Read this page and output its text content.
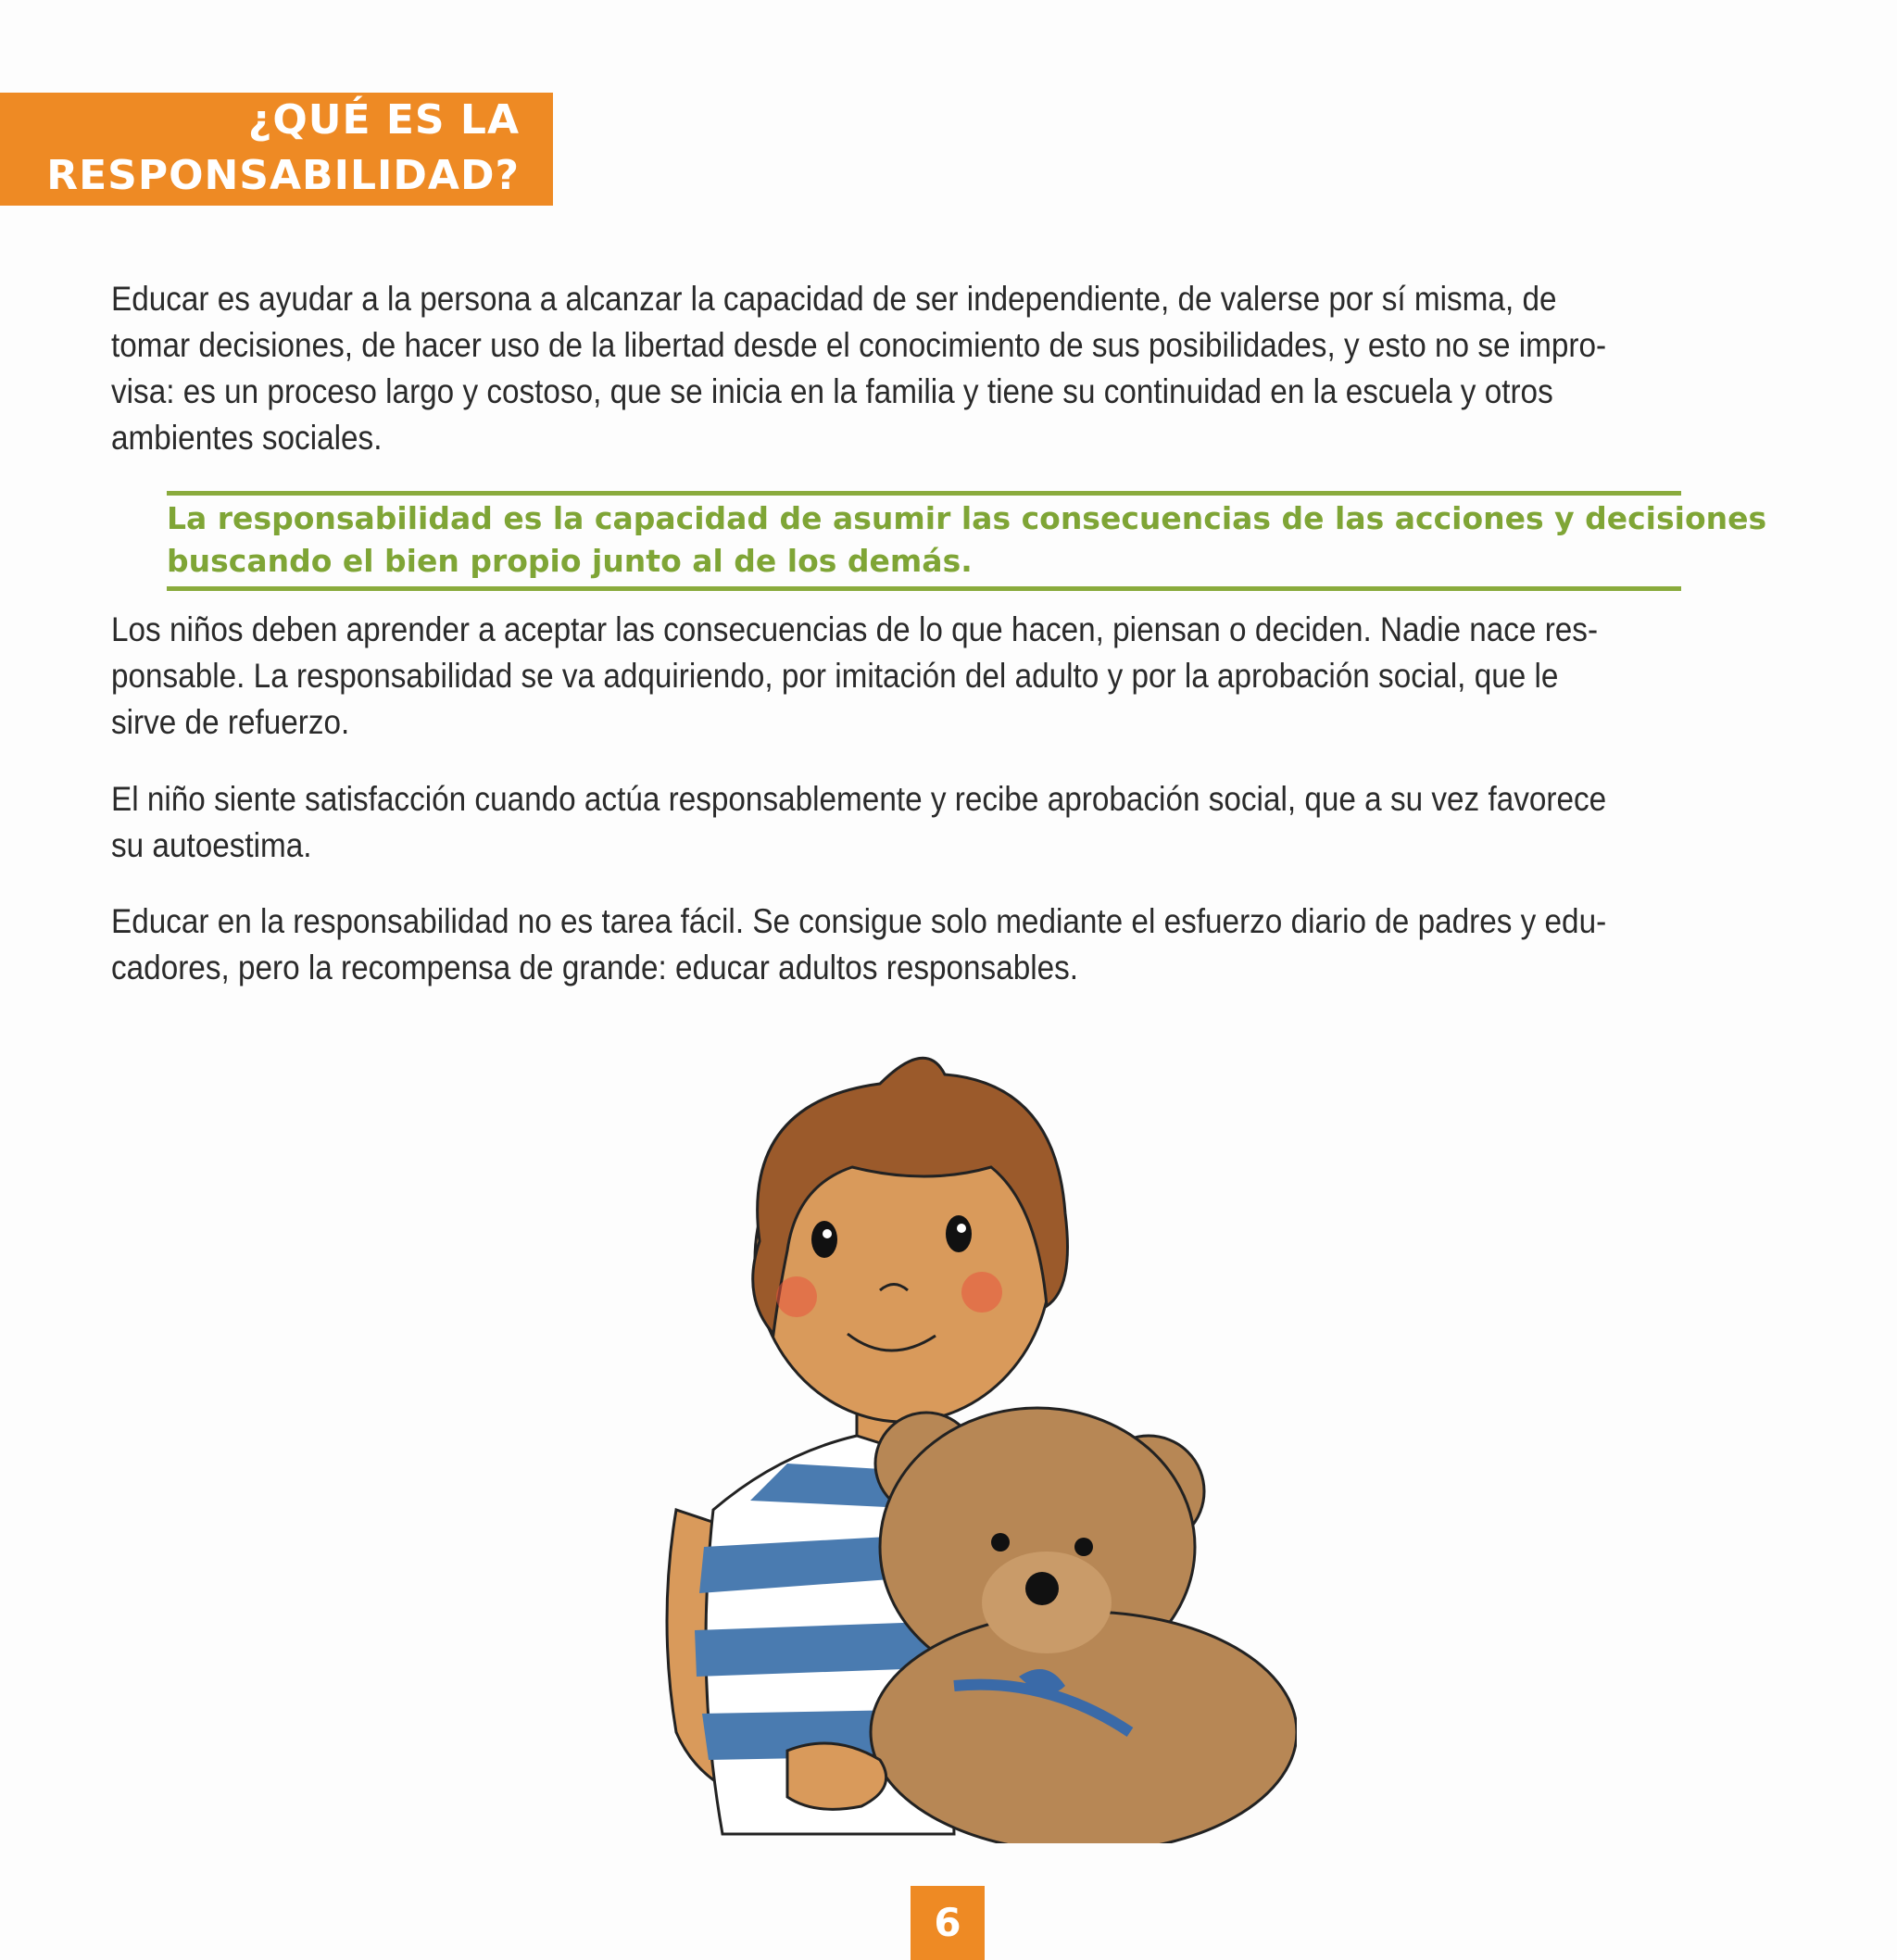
¿QUÉ ES LA
RESPONSABILIDAD?

Educar es ayudar a la persona a alcanzar la capacidad de ser independiente, de valerse por sí misma, de
tomar decisiones, de hacer uso de la libertad desde el conocimiento de sus posibilidades, y esto no se impro-
visa: es un proceso largo y costoso, que se inicia en la familia y tiene su continuidad en la escuela y otros
ambientes sociales.

La responsabilidad es la capacidad de asumir las consecuencias de las acciones y decisiones
buscando el bien propio junto al de los demás.

Los niños deben aprender a aceptar las consecuencias de lo que hacen, piensan o deciden. Nadie nace res-
ponsable. La responsabilidad se va adquiriendo, por imitación del adulto y por la aprobación social, que le
sirve de refuerzo.

El niño siente satisfacción cuando actúa responsablemente y recibe aprobación social, que a su vez favorece
su autoestima.

Educar en la responsabilidad no es tarea fácil. Se consigue solo mediante el esfuerzo diario de padres y edu-
cadores, pero la recompensa de grande: educar adultos responsables.

6
